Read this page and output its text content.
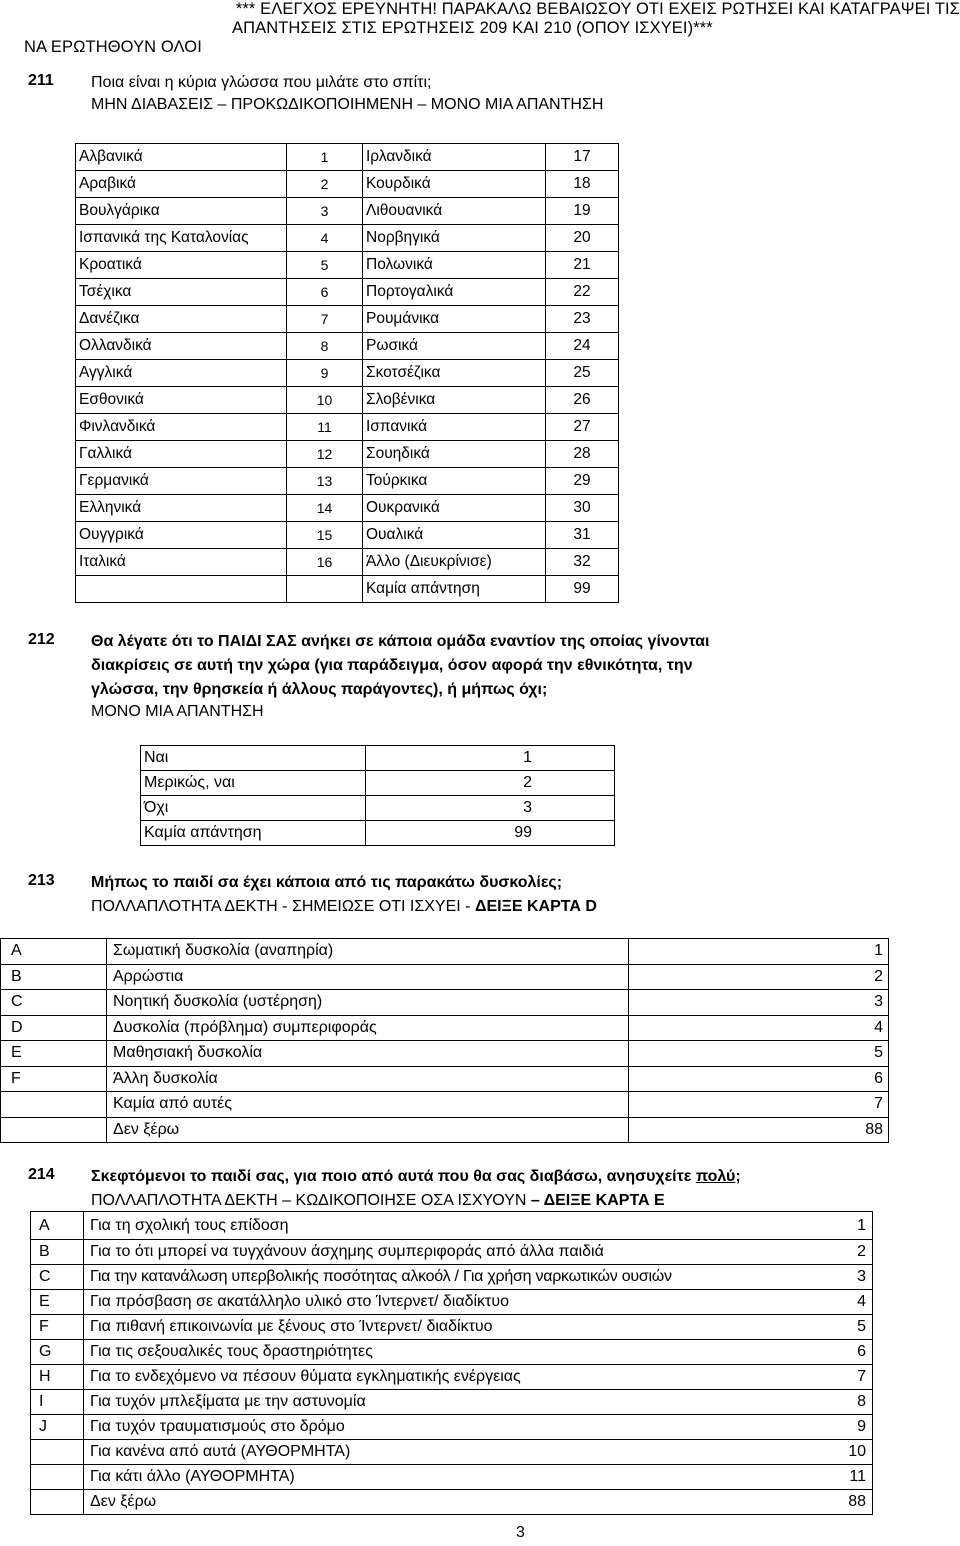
*** ΕΛΕΓΧΟΣ ΕΡΕΥΝΗΤΗ! ΠΑΡΑΚΑΛΩ ΒΕΒΑΙΩΣΟΥ ΟΤΙ ΕΧΕΙΣ ΡΩΤΗΣΕΙ ΚΑΙ ΚΑΤΑΓΡΑΨΕΙ ΤΙΣ
ΑΠΑΝΤΗΣΕΙΣ ΣΤΙΣ ΕΡΩΤΗΣΕΙΣ 209 ΚΑΙ 210 (ΟΠΟΥ ΙΣΧΥΕΙ)***
ΝΑ ΕΡΩΤΗΘΟΥΝ ΟΛΟΙ
211 Ποια είναι η κύρια γλώσσα που μιλάτε στο σπίτι;
ΜΗΝ ΔΙΑΒΑΣΕΙΣ – ΠΡΟΚΩΔΙΚΟΠΟΙΗΜΕΝΗ – ΜΟΝΟ ΜΙΑ ΑΠΑΝΤΗΣΗ
Αλβανικά	1	Ιρλανδικά	17
Αραβικά	2	Κουρδικά	18
Βουλγάρικα	3	Λιθουανικά	19
Ισπανικά της Καταλονίας	4	Νορβηγικά	20
Κροατικά	5	Πολωνικά	21
Τσέχικα	6	Πορτογαλικά	22
Δανέζικα	7	Ρουμάνικα	23
Ολλανδικά	8	Ρωσικά	24
Αγγλικά	9	Σκοτσέζικα	25
Εσθονικά	10	Σλοβένικα	26
Φινλανδικά	11	Ισπανικά	27
Γαλλικά	12	Σουηδικά	28
Γερμανικά	13	Τούρκικα	29
Ελληνικά	14	Ουκρανικά	30
Ουγγρικά	15	Ουαλικά	31
Ιταλικά	16	Άλλο (Διευκρίνισε)	32
		Καμία απάντηση	99
212 Θα λέγατε ότι το ΠΑΙΔΙ ΣΑΣ ανήκει σε κάποια ομάδα εναντίον της οποίας γίνονται
διακρίσεις σε αυτή την χώρα (για παράδειγμα, όσον αφορά την εθνικότητα, την
γλώσσα, την θρησκεία ή άλλους παράγοντες), ή μήπως όχι;
ΜΟΝΟ ΜΙΑ ΑΠΑΝΤΗΣΗ
Ναι	1
Μερικώς, ναι	2
Όχι	3
Καμία απάντηση	99
213 Μήπως το παιδί σα έχει κάποια από τις παρακάτω δυσκολίες;
ΠΟΛΛΑΠΛΟΤΗΤΑ ΔΕΚΤΗ - ΣΗΜΕΙΩΣΕ ΟΤΙ ΙΣΧΥΕΙ - ΔΕΙΞΕ ΚΑΡΤΑ D
A	Σωματική δυσκολία (αναπηρία)	1
B	Αρρώστια	2
C	Νοητική δυσκολία (υστέρηση)	3
D	Δυσκολία (πρόβλημα) συμπεριφοράς	4
E	Μαθησιακή δυσκολία	5
F	Άλλη δυσκολία	6
	Καμία από αυτές	7
	Δεν ξέρω	88
214 Σκεφτόμενοι το παιδί σας, για ποιο από αυτά που θα σας διαβάσω, ανησυχείτε πολύ;
ΠΟΛΛΑΠΛΟΤΗΤΑ ΔΕΚΤΗ – ΚΩΔΙΚΟΠΟΙΗΣΕ ΟΣΑ ΙΣΧΥΟΥΝ – ΔΕΙΞΕ ΚΑΡΤΑ E
A	Για τη σχολική τους επίδοση 1

B	Για το ότι μπορεί να τυγχάνουν άσχημης συμπεριφοράς από άλλα παιδιά 2

C	Για την κατανάλωση υπερβολικής ποσότητας αλκοόλ / Για χρήση ναρκωτικών ουσιών 3

E	Για πρόσβαση σε ακατάλληλο υλικό στο Ίντερνετ/ διαδίκτυο 4

F	Για πιθανή επικοινωνία με ξένους στο Ίντερνετ/ διαδίκτυο 5

G	Για τις σεξουαλικές τους δραστηριότητες 6

H	Για το ενδεχόμενο να πέσουν θύματα εγκληματικής ενέργειας 7

I	Για τυχόν μπλεξίματα με την αστυνομία 8

J	Για τυχόν τραυματισμούς στο δρόμο 9

	Για κανένα από αυτά (ΑΥΘΟΡΜΗΤΑ) 10

	Για κάτι άλλο (ΑΥΘΟΡΜΗΤΑ) 11

	Δεν ξέρω 88
3
